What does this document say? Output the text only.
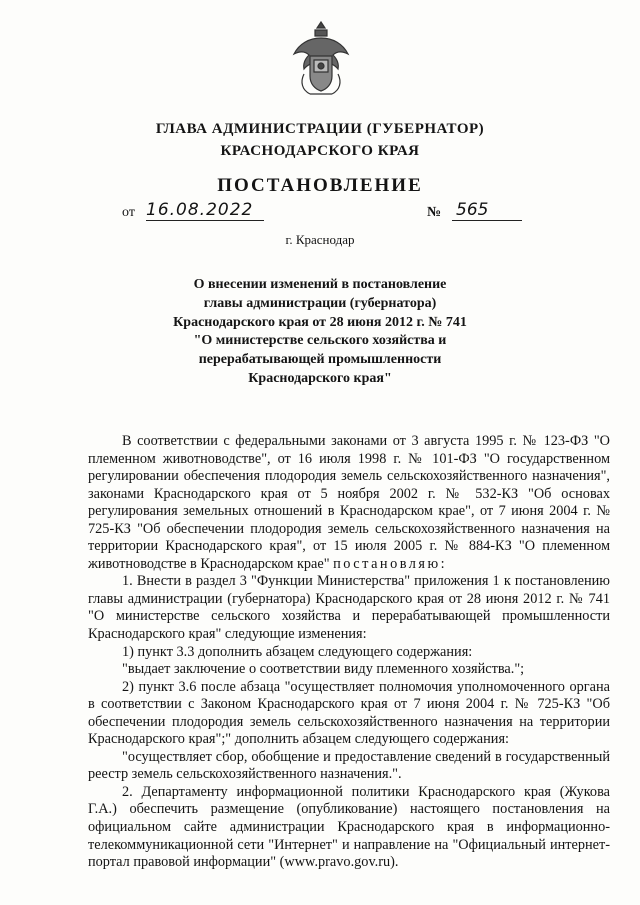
ГЛАВА АДМИНИСТРАЦИИ (ГУБЕРНАТОР)
КРАСНОДАРСКОГО КРАЯ
ПОСТАНОВЛЕНИЕ
от 16.08.2022	№ 565
г. Краснодар
О внесении изменений в постановление
главы администрации (губернатора)
Краснодарского края от 28 июня 2012 г. № 741
"О министерстве сельского хозяйства и
перерабатывающей промышленности
Краснодарского края"

В соответствии с федеральными законами от 3 августа 1995 г. № 123-ФЗ "О племенном животноводстве", от 16 июля 1998 г. № 101-ФЗ "О государственном регулировании обеспечения плодородия земель сельскохозяйственного назначения", законами Краснодарского края от 5 ноября 2002 г. № 532-КЗ "Об основах регулирования земельных отношений в Краснодарском крае", от 7 июня 2004 г. № 725-КЗ "Об обеспечении плодородия земель сельскохозяйственного назначения на территории Краснодарского края", от 15 июля 2005 г. № 884-КЗ "О племенном животноводстве в Краснодарском крае" постановляю:

1. Внести в раздел 3 "Функции Министерства" приложения 1 к постановлению главы администрации (губернатора) Краснодарского края от 28 июня 2012 г. № 741 "О министерстве сельского хозяйства и перерабатывающей промышленности Краснодарского края" следующие изменения:

1) пункт 3.3 дополнить абзацем следующего содержания:

"выдает заключение о соответствии виду племенного хозяйства.";

2) пункт 3.6 после абзаца "осуществляет полномочия уполномоченного органа в соответствии с Законом Краснодарского края от 7 июня 2004 г. № 725-КЗ "Об обеспечении плодородия земель сельскохозяйственного назначения на территории Краснодарского края";" дополнить абзацем следующего содержания:

"осуществляет сбор, обобщение и предоставление сведений в государственный реестр земель сельскохозяйственного назначения.".

2. Департаменту информационной политики Краснодарского края (Жукова Г.А.) обеспечить размещение (опубликование) настоящего постановления на официальном сайте администрации Краснодарского края в информационно-телекоммуникационной сети "Интернет" и направление на "Официальный интернет-портал правовой информации" (www.pravo.gov.ru).
